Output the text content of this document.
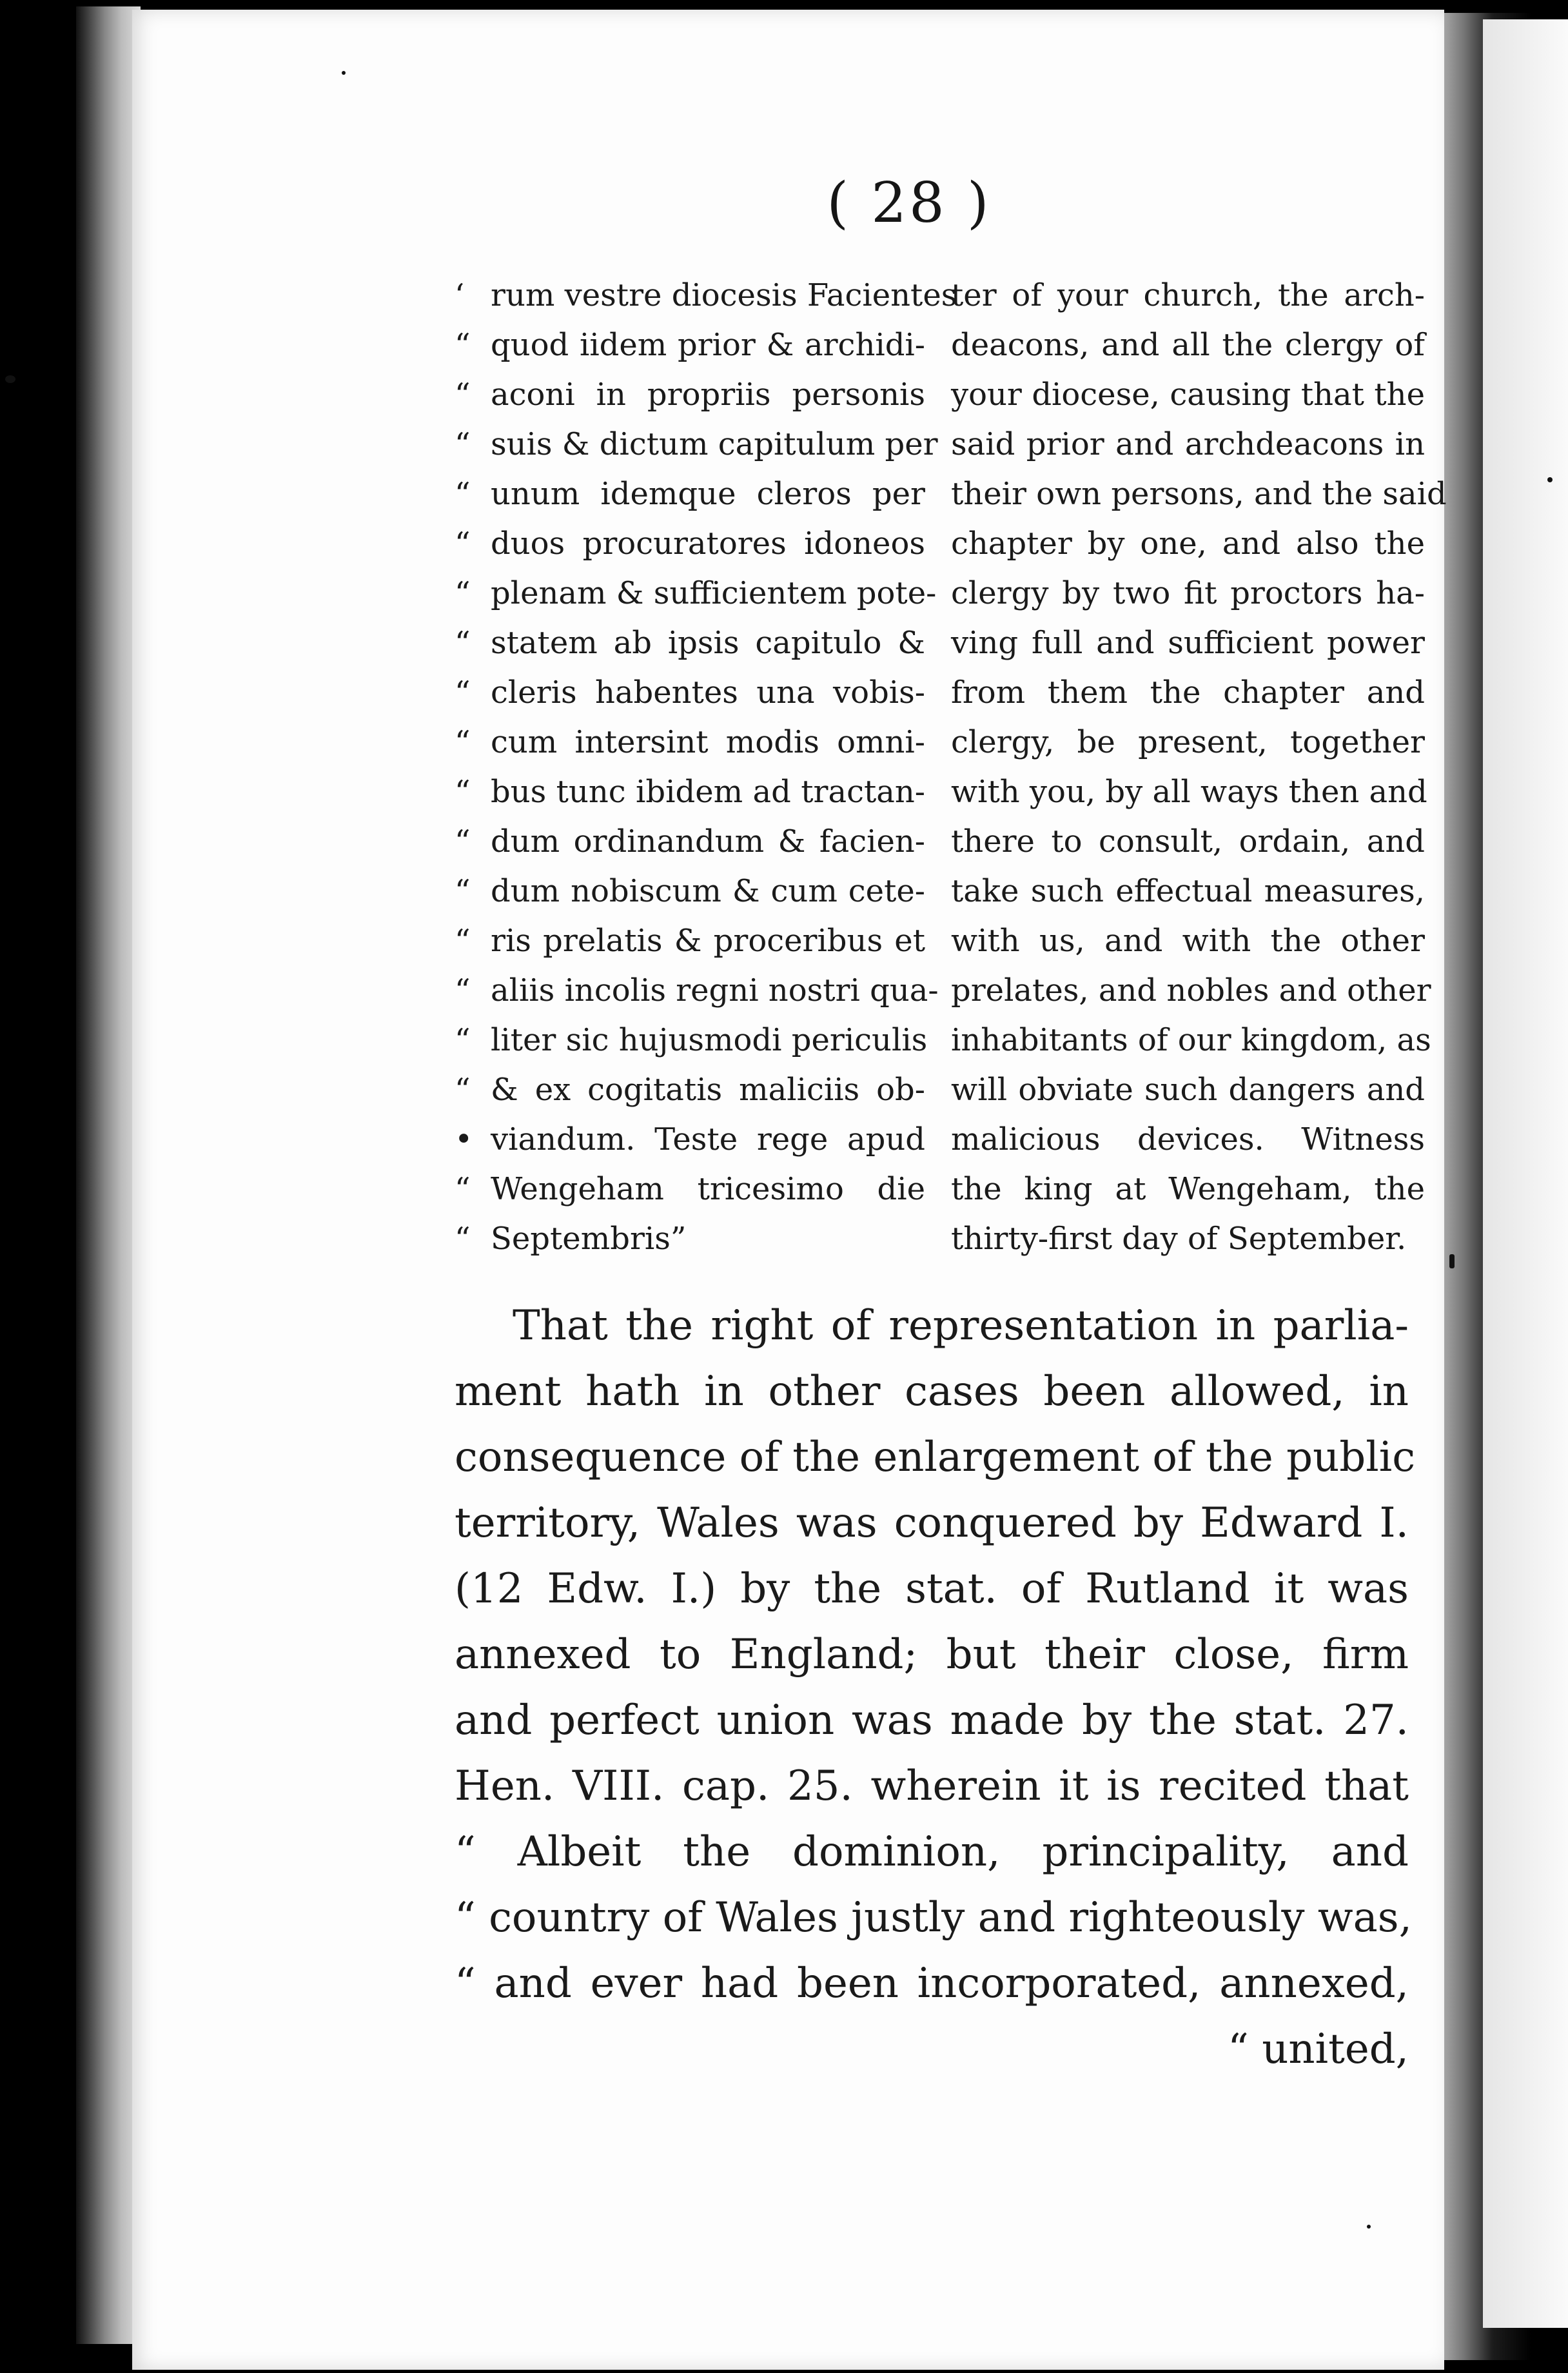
( 28 )
‘ rum vestre diocesis Facientes
“ quod iidem prior & archidi-
“ aconi in propriis personis
“ suis & dictum capitulum per
“ unum idemque cleros per
“ duos procuratores idoneos
“ plenam & sufficientem pote-
“ statem ab ipsis capitulo &
“ cleris habentes una vobis-
“ cum intersint modis omni-
“ bus tunc ibidem ad tractan-
“ dum ordinandum & facien-
“ dum nobiscum & cum cete-
“ ris prelatis & proceribus et
“ aliis incolis regni nostri qua-
“ liter sic hujusmodi periculis
“ & ex cogitatis maliciis ob-
• viandum. Teste rege apud
“ Wengeham tricesimo die
“ Septembris”
ter of your church, the arch-
deacons, and all the clergy of
your diocese, causing that the
said prior and archdeacons in
their own persons, and the said
chapter by one, and also the
clergy by two fit proctors ha-
ving full and sufficient power
from them the chapter and
clergy, be present, together
with you, by all ways then and
there to consult, ordain, and
take such effectual measures,
with us, and with the other
prelates, and nobles and other
inhabitants of our kingdom, as
will obviate such dangers and
malicious devices. Witness
the king at Wengeham, the
thirty-first day of September.
That the right of representation in parlia-
ment hath in other cases been allowed, in
consequence of the enlargement of the public
territory, Wales was conquered by Edward I.
(12 Edw. I.) by the stat. of Rutland it was
annexed to England; but their close, firm
and perfect union was made by the stat. 27.
Hen. VIII. cap. 25. wherein it is recited that
“ Albeit the dominion, principality, and
“ country of Wales justly and righteously was,
“ and ever had been incorporated, annexed,
“ united,
